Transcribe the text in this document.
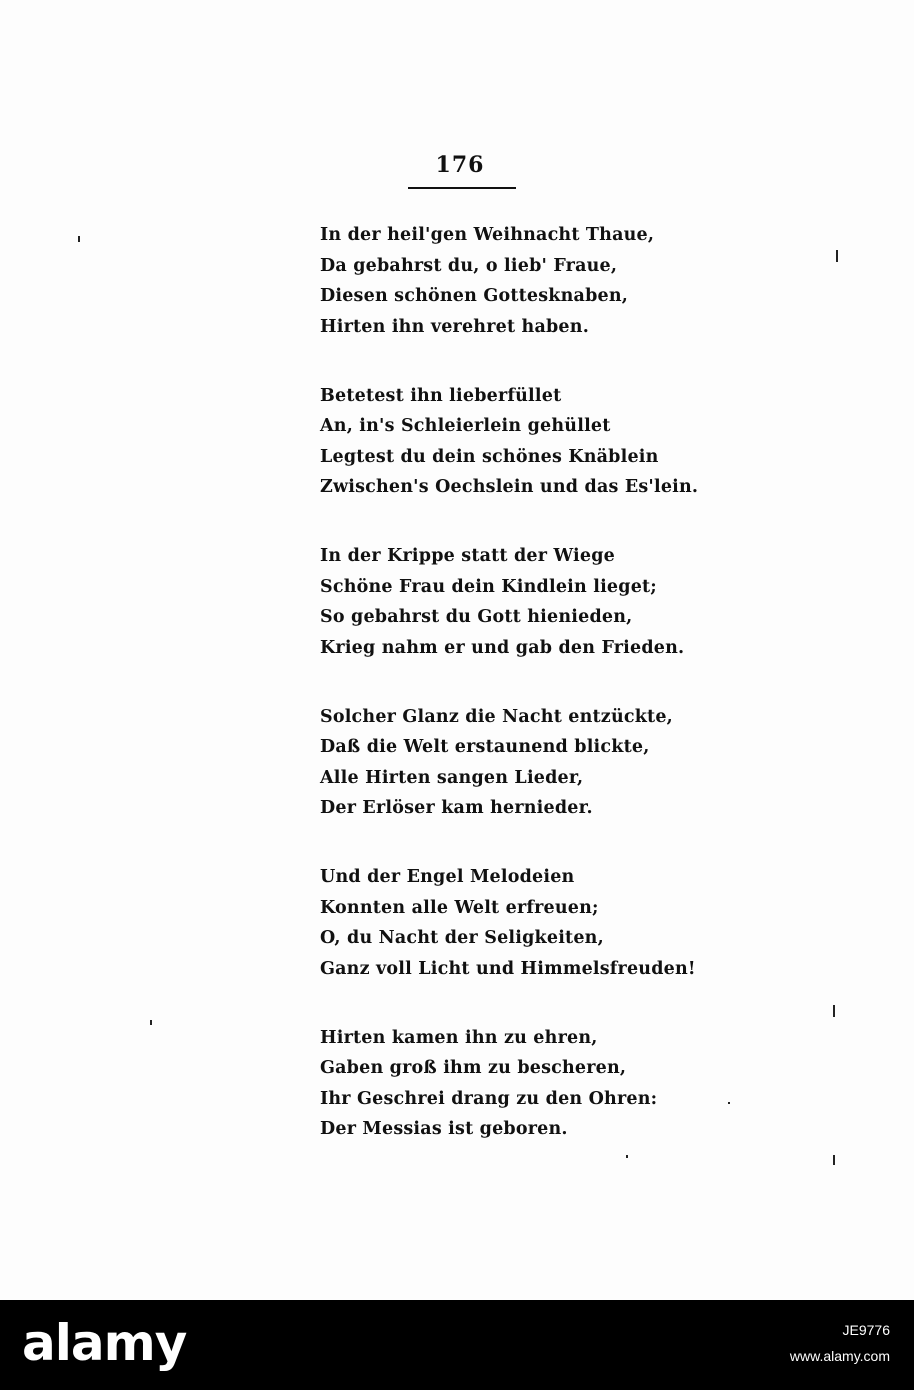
176
In der heil'gen Weihnacht Thaue,
Da gebahrst du, o lieb' Fraue,
Diesen schönen Gottesknaben,
Hirten ihn verehret haben.
Betetest ihn lieberfüllet
An, in's Schleierlein gehüllet
Legtest du dein schönes Knäblein
Zwischen's Oechslein und das Es'lein.
In der Krippe statt der Wiege
Schöne Frau dein Kindlein lieget;
So gebahrst du Gott hienieden,
Krieg nahm er und gab den Frieden.
Solcher Glanz die Nacht entzückte,
Daß die Welt erstaunend blickte,
Alle Hirten sangen Lieder,
Der Erlöser kam hernieder.
Und der Engel Melodeien
Konnten alle Welt erfreuen;
O, du Nacht der Seligkeiten,
Ganz voll Licht und Himmelsfreuden!
Hirten kamen ihn zu ehren,
Gaben groß ihm zu bescheren,
Ihr Geschrei drang zu den Ohren:
Der Messias ist geboren.
alamy	JE9776
www.alamy.com
